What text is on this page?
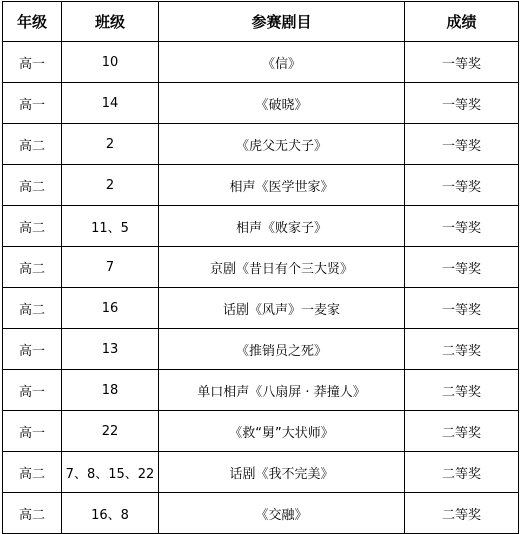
年级	班级	参赛剧目	成绩
高一	10	《信》	一等奖
高一	14	《破晓》	一等奖
高二	2	《虎父无犬子》	一等奖
高二	2	相声《医学世家》	一等奖
高二	11、5	相声《败家子》	一等奖
高二	7	京剧《昔日有个三大贤》	一等奖
高二	16	话剧《风声》一麦家	一等奖
高一	13	《推销员之死》	二等奖
高一	18	单口相声《八扇屏 · 莽撞人》	二等奖
高一	22	《救“舅”大状师》	二等奖
高二	7、8、15、22	话剧《我不完美》	二等奖
高二	16、8	《交融》	二等奖
